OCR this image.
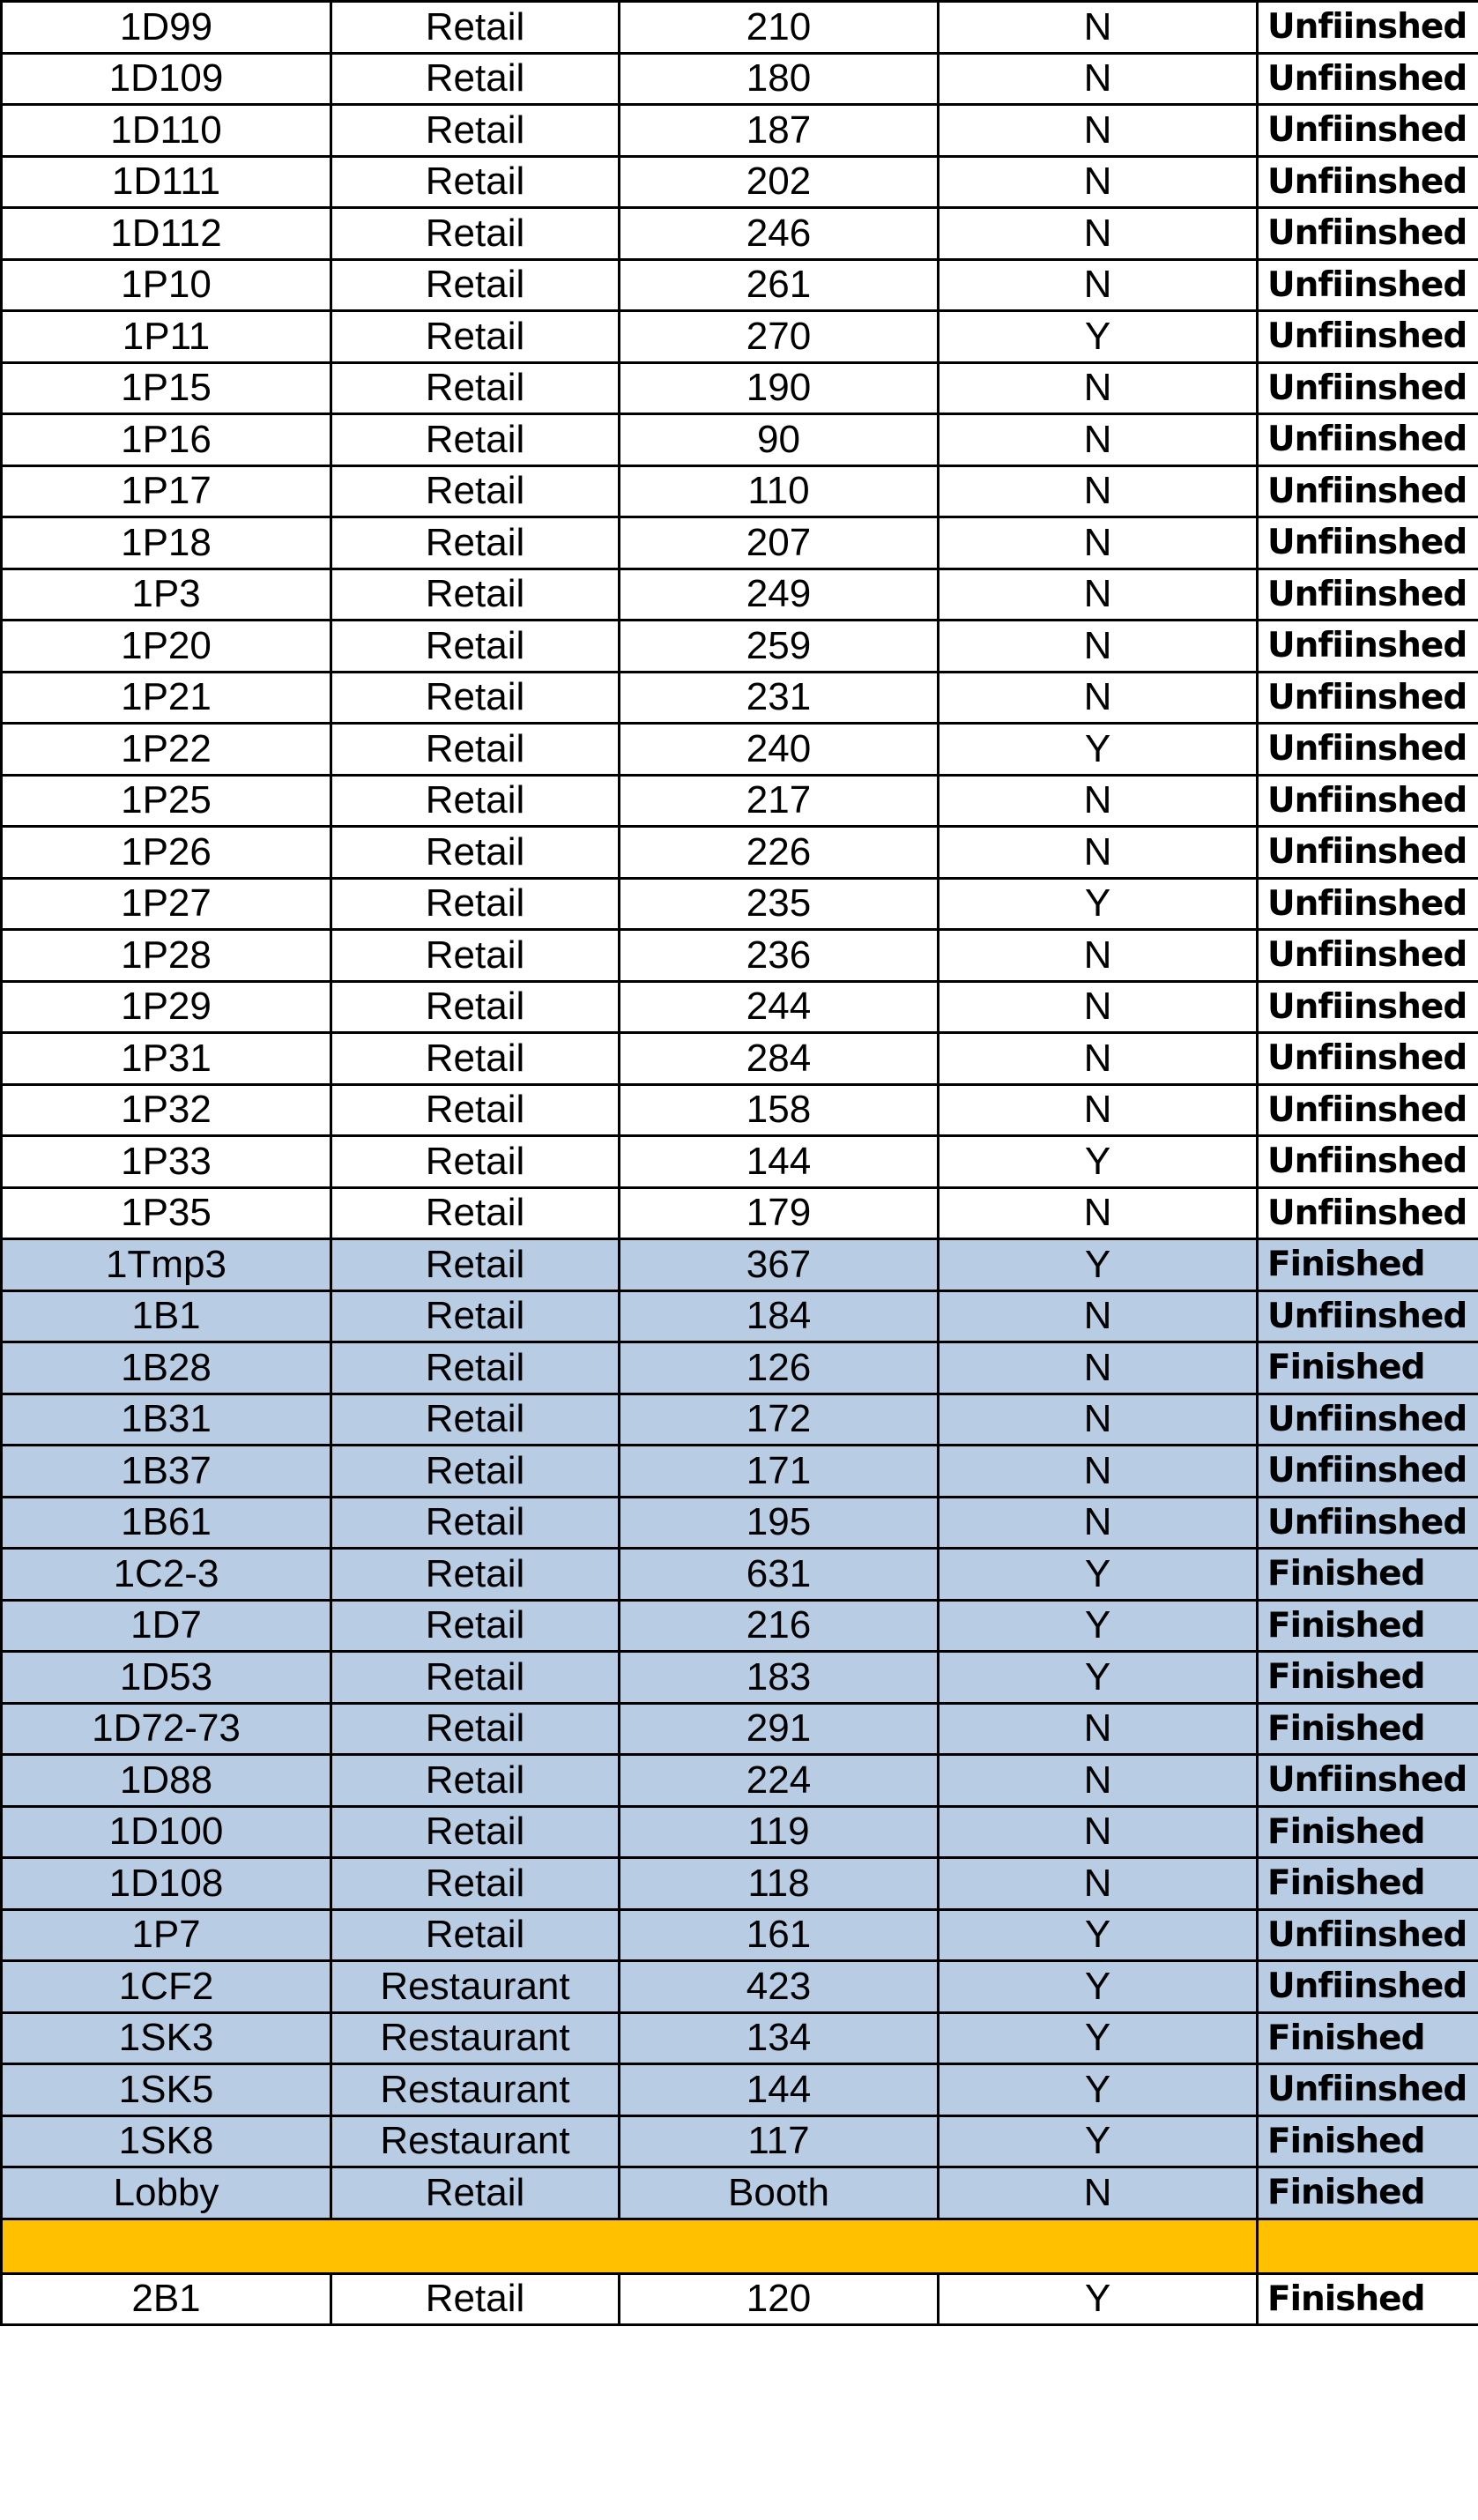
1D99	Retail	210	N	Unfiinshed
1D109	Retail	180	N	Unfiinshed
1D110	Retail	187	N	Unfiinshed
1D111	Retail	202	N	Unfiinshed
1D112	Retail	246	N	Unfiinshed
1P10	Retail	261	N	Unfiinshed
1P11	Retail	270	Y	Unfiinshed
1P15	Retail	190	N	Unfiinshed
1P16	Retail	90	N	Unfiinshed
1P17	Retail	110	N	Unfiinshed
1P18	Retail	207	N	Unfiinshed
1P3	Retail	249	N	Unfiinshed
1P20	Retail	259	N	Unfiinshed
1P21	Retail	231	N	Unfiinshed
1P22	Retail	240	Y	Unfiinshed
1P25	Retail	217	N	Unfiinshed
1P26	Retail	226	N	Unfiinshed
1P27	Retail	235	Y	Unfiinshed
1P28	Retail	236	N	Unfiinshed
1P29	Retail	244	N	Unfiinshed
1P31	Retail	284	N	Unfiinshed
1P32	Retail	158	N	Unfiinshed
1P33	Retail	144	Y	Unfiinshed
1P35	Retail	179	N	Unfiinshed
1Tmp3	Retail	367	Y	Finished
1B1	Retail	184	N	Unfiinshed
1B28	Retail	126	N	Finished
1B31	Retail	172	N	Unfiinshed
1B37	Retail	171	N	Unfiinshed
1B61	Retail	195	N	Unfiinshed
1C2-3	Retail	631	Y	Finished
1D7	Retail	216	Y	Finished
1D53	Retail	183	Y	Finished
1D72-73	Retail	291	N	Finished
1D88	Retail	224	N	Unfiinshed
1D100	Retail	119	N	Finished
1D108	Retail	118	N	Finished
1P7	Retail	161	Y	Unfiinshed
1CF2	Restaurant	423	Y	Unfiinshed
1SK3	Restaurant	134	Y	Finished
1SK5	Restaurant	144	Y	Unfiinshed
1SK8	Restaurant	117	Y	Finished
Lobby	Retail	Booth	N	Finished

2B1	Retail	120	Y	Finished
